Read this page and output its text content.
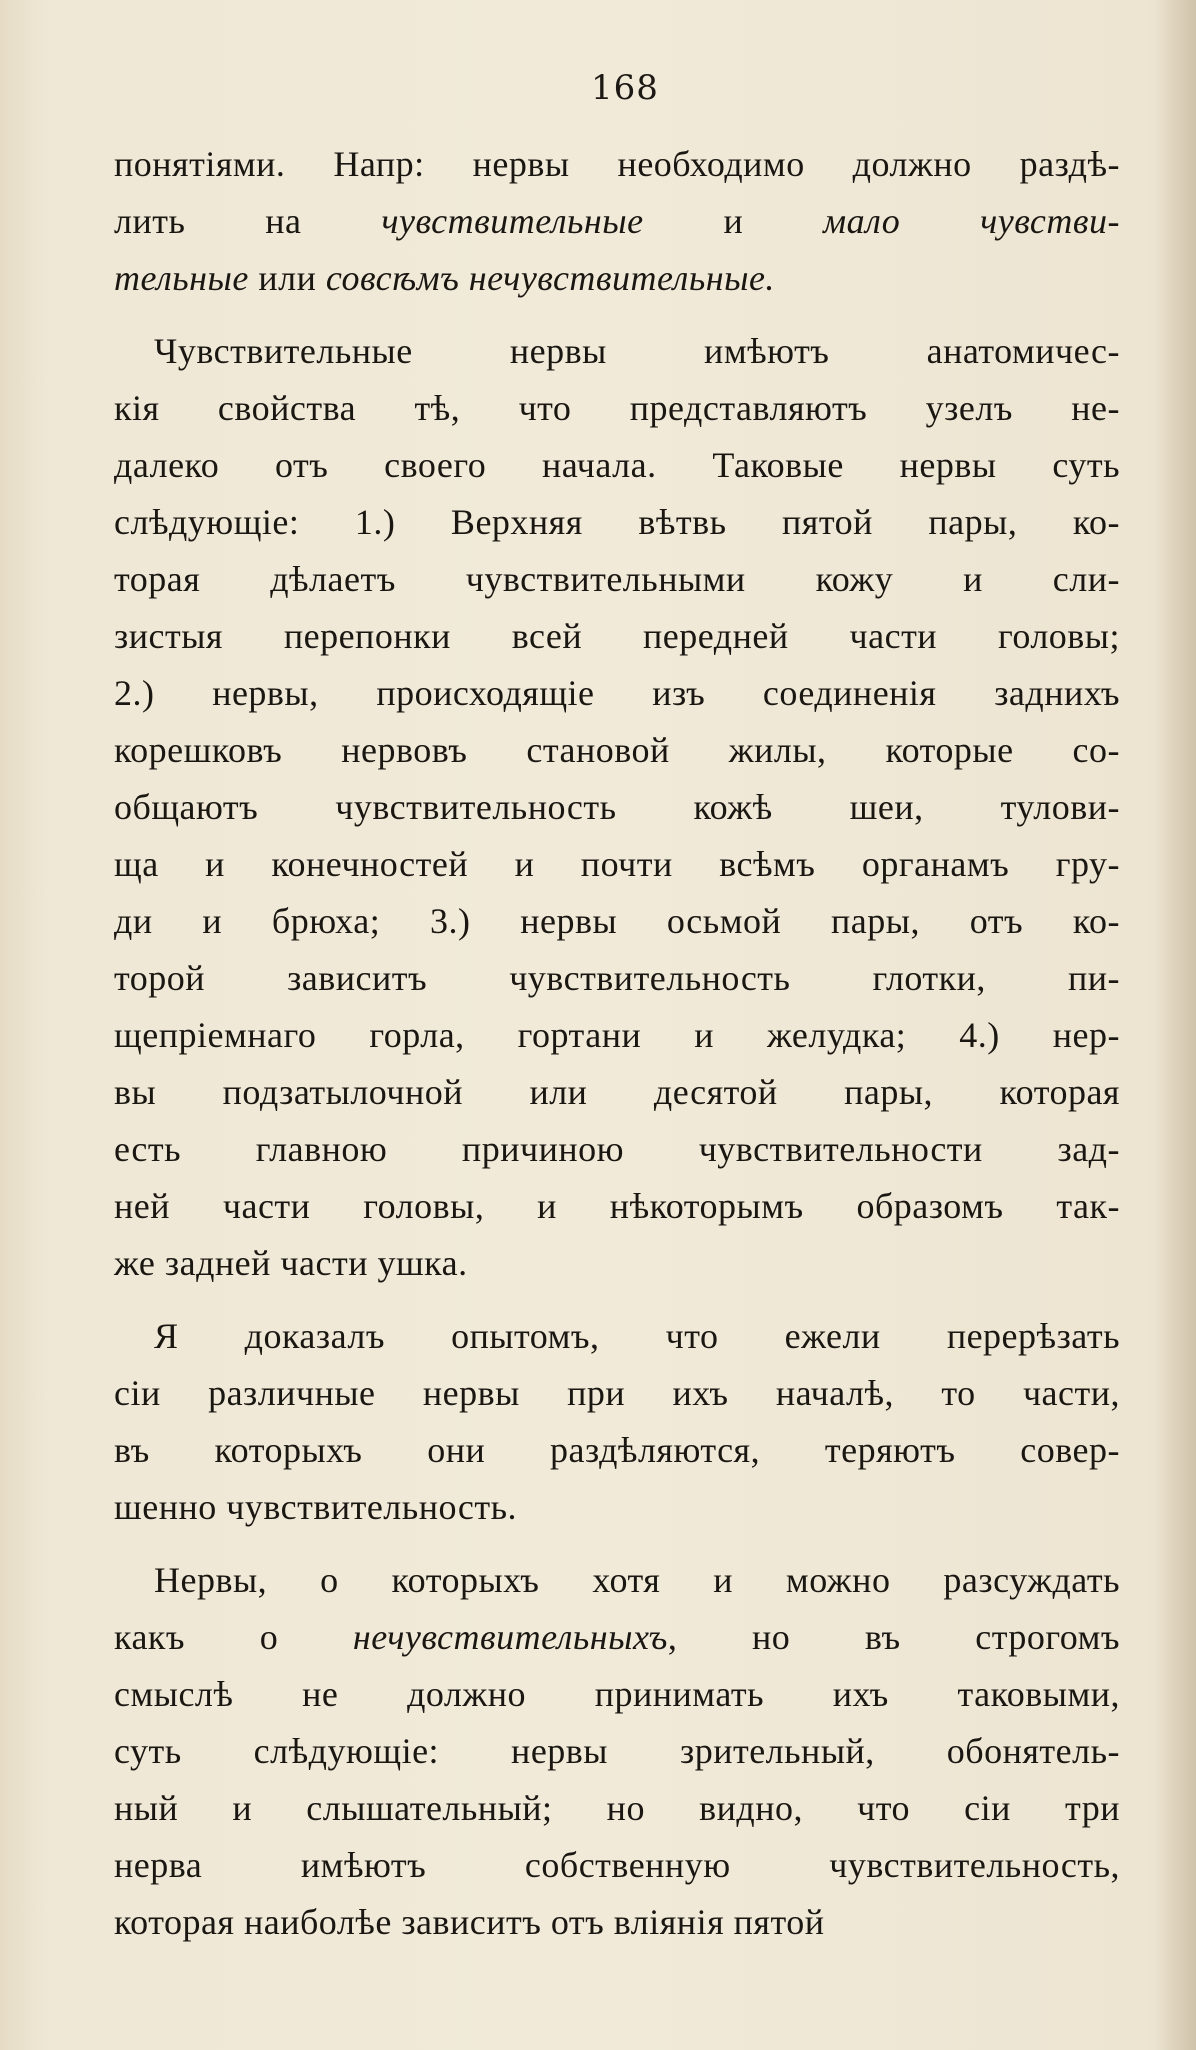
168
понятіями. Напр: нервы необходимо должно раздѣ-
лить на чувствительные и мало чувстви-
тельные или совсѣмъ нечувствительные.
Чувствительные нервы имѣютъ анатомичес-
кія свойства тѣ, что представляютъ узелъ не-
далеко отъ своего начала. Таковые нервы суть
слѣдующіе: 1.) Верхняя вѣтвь пятой пары, ко-
торая дѣлаетъ чувствительными кожу и сли-
зистыя перепонки всей передней части головы;
2.) нервы, происходящіе изъ соединенія заднихъ
корешковъ нервовъ становой жилы, которые со-
общаютъ чувствительность кожѣ шеи, тулови-
ща и конечностей и почти всѣмъ органамъ гру-
ди и брюха; 3.) нервы осьмой пары, отъ ко-
торой зависитъ чувствительность глотки, пи-
щепріемнаго горла, гортани и желудка; 4.) нер-
вы подзатылочной или десятой пары, которая
есть главною причиною чувствительности зад-
ней части головы, и нѣкоторымъ образомъ так-
же задней части ушка.
Я доказалъ опытомъ, что ежели перерѣзать
сіи различные нервы при ихъ началѣ, то части,
въ которыхъ они раздѣляются, теряютъ совер-
шенно чувствительность.
Нервы, о которыхъ хотя и можно разсуждать
какъ о нечувствительныхъ, но въ строгомъ
смыслѣ не должно принимать ихъ таковыми,
суть слѣдующіе: нервы зрительный, обонятель-
ный и слышательный; но видно, что сіи три
нерва имѣютъ собственную чувствительность,
которая наиболѣе зависитъ отъ вліянія пятой
